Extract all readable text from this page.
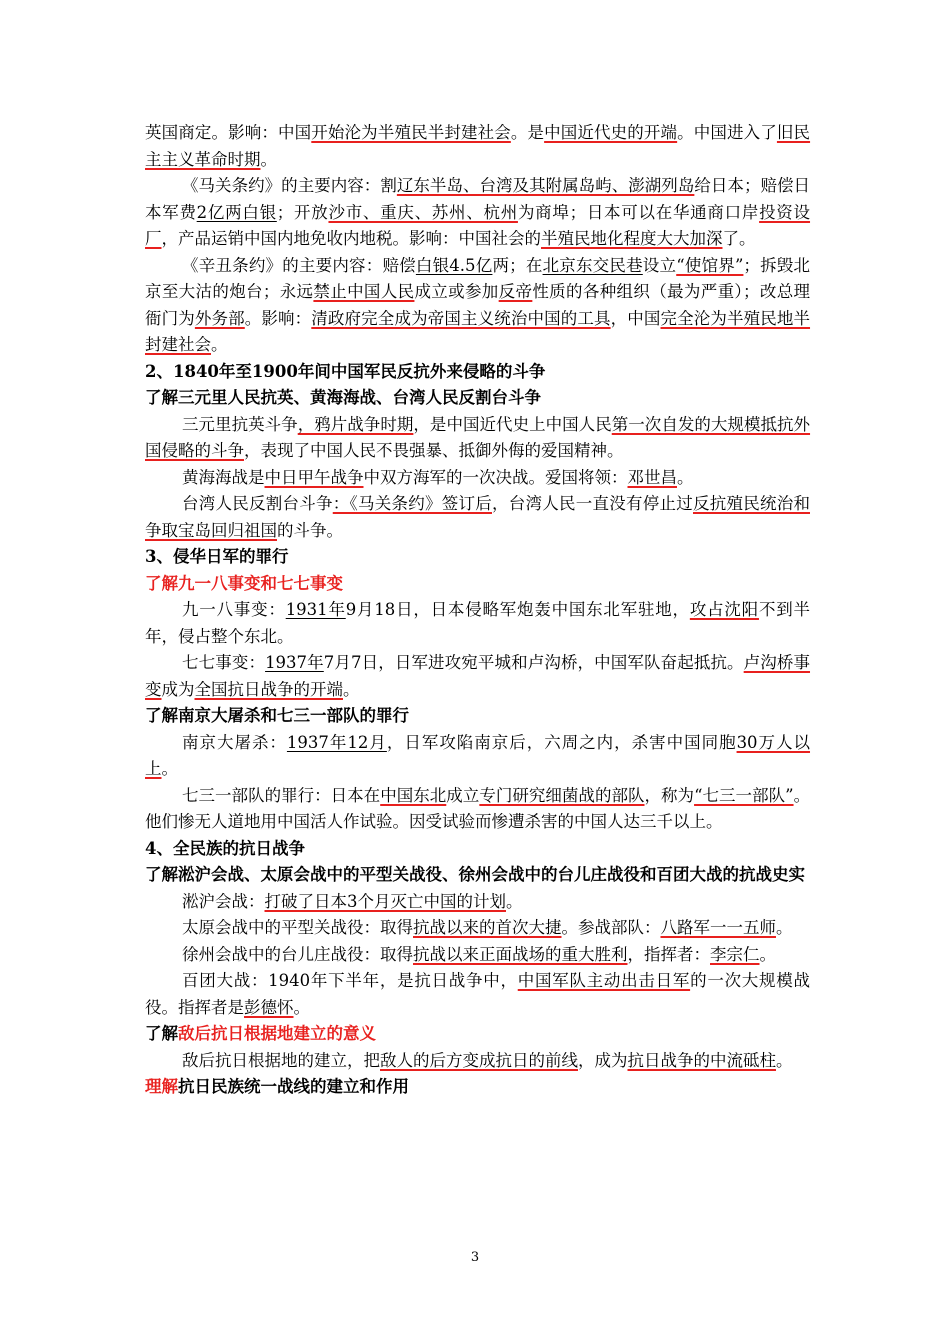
英国商定。影响：中国开始沦为半殖民半封建社会。是中国近代史的开端。中国进入了旧民主主义革命时期。

《马关条约》的主要内容：割辽东半岛、台湾及其附属岛屿、澎湖列岛给日本；赔偿日本军费2亿两白银；开放沙市、重庆、苏州、杭州为商埠；日本可以在华通商口岸投资设厂，产品运销中国内地免收内地税。影响：中国社会的半殖民地化程度大大加深了。

《辛丑条约》的主要内容：赔偿白银4.5亿两；在北京东交民巷设立“使馆界”；拆毁北京至大沽的炮台；永远禁止中国人民成立或参加反帝性质的各种组织（最为严重）；改总理衙门为外务部。影响：清政府完全成为帝国主义统治中国的工具，中国完全沦为半殖民地半封建社会。

2、1840年至1900年间中国军民反抗外来侵略的斗争

了解三元里人民抗英、黄海海战、台湾人民反割台斗争

三元里抗英斗争，鸦片战争时期，是中国近代史上中国人民第一次自发的大规模抵抗外国侵略的斗争，表现了中国人民不畏强暴、抵御外侮的爱国精神。

黄海海战是中日甲午战争中双方海军的一次决战。爱国将领：邓世昌。

台湾人民反割台斗争：《马关条约》签订后，台湾人民一直没有停止过反抗殖民统治和争取宝岛回归祖国的斗争。

3、侵华日军的罪行

了解九一八事变和七七事变

九一八事变：1931年9月18日，日本侵略军炮轰中国东北军驻地，攻占沈阳不到半年，侵占整个东北。

七七事变：1937年7月7日，日军进攻宛平城和卢沟桥，中国军队奋起抵抗。卢沟桥事变成为全国抗日战争的开端。

了解南京大屠杀和七三一部队的罪行

南京大屠杀：1937年12月，日军攻陷南京后，六周之内，杀害中国同胞30万人以上。

七三一部队的罪行：日本在中国东北成立专门研究细菌战的部队，称为“七三一部队”。他们惨无人道地用中国活人作试验。因受试验而惨遭杀害的中国人达三千以上。

4、全民族的抗日战争

了解淞沪会战、太原会战中的平型关战役、徐州会战中的台儿庄战役和百团大战的抗战史实

淞沪会战：打破了日本3个月灭亡中国的计划。

太原会战中的平型关战役：取得抗战以来的首次大捷。参战部队：八路军一一五师。

徐州会战中的台儿庄战役：取得抗战以来正面战场的重大胜利，指挥者：李宗仁。

百团大战：1940年下半年，是抗日战争中，中国军队主动出击日军的一次大规模战役。指挥者是彭德怀。

了解敌后抗日根据地建立的意义

敌后抗日根据地的建立，把敌人的后方变成抗日的前线，成为抗日战争的中流砥柱。

理解抗日民族统一战线的建立和作用

3
